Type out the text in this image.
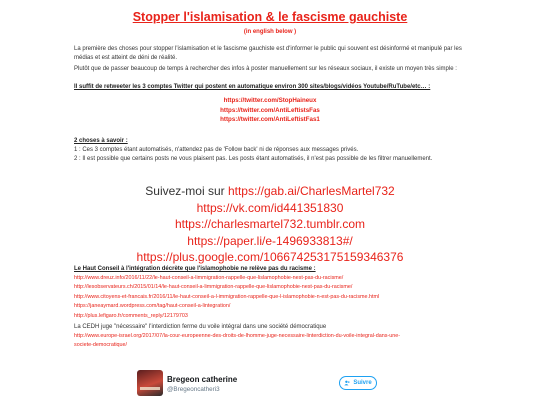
Stopper l'islamisation & le fascisme gauchiste
(in english below )
La première des choses pour stopper l'islamisation et le fascisme gauchiste est d'informer le public qui souvent est désinformé et manipulé par les médias et est atteint de déni de réalité.
Plutôt que de passer beaucoup de temps à rechercher des infos à poster manuellement sur les réseaux sociaux, il existe un moyen très simple :
Il suffit de retweeter les 3 comptes Twitter qui postent en automatique environ 300 sites/blogs/vidéos Youtube/RuTube/etc… :
https://twitter.com/StopHaineux
https://twitter.com/AntiLeftistsFas
https://twitter.com/AntiLeftistFas1
2 choses à savoir :
1 : Ces 3 comptes étant automatisés, n'attendez pas de 'Follow back' ni de réponses aux messages privés.
2 : Il est possible que certains posts ne vous plaisent pas. Les posts étant automatisés, il n'est pas possible de les filtrer manuellement.
Suivez-moi sur https://gab.ai/CharlesMartel732
https://vk.com/id441351830
https://charlesmartel732.tumblr.com
https://paper.li/e-1496933813#/
https://plus.google.com/106674253175159346376
Le Haut Conseil à l'intégration décrète que l'islamophobie ne relève pas du racisme :
http://www.dreuz.info/2016/11/22/le-haut-conseil-a-limmigration-rappelle-que-lislamophobie-nest-pas-du-racisme/
http://lesobservateurs.ch/2015/01/14/le-haut-conseil-a-limmigration-rappelle-que-lislamophobie-nest-pas-du-racisme/
http://www.citoyens-et-francais.fr/2016/11/le-haut-conseil-a-l-immigration-rappelle-que-l-islamophobie-n-est-pas-du-racisme.html
https://janeaymard.wordpress.com/tag/haut-conseil-a-lintegration/
http://plus.lefigaro.fr/comments_reply/12179703
La CEDH juge "nécessaire" l'interdiction ferme du voile intégral dans une société démocratique
http://www.europe-israel.org/2017/07/la-cour-europeenne-des-droits-de-lhomme-juge-necessaire-linterdiction-du-voile-integral-dans-une-
societe-democratique/
Bregeon catherine
@Bregeoncatheri3
Suivre
